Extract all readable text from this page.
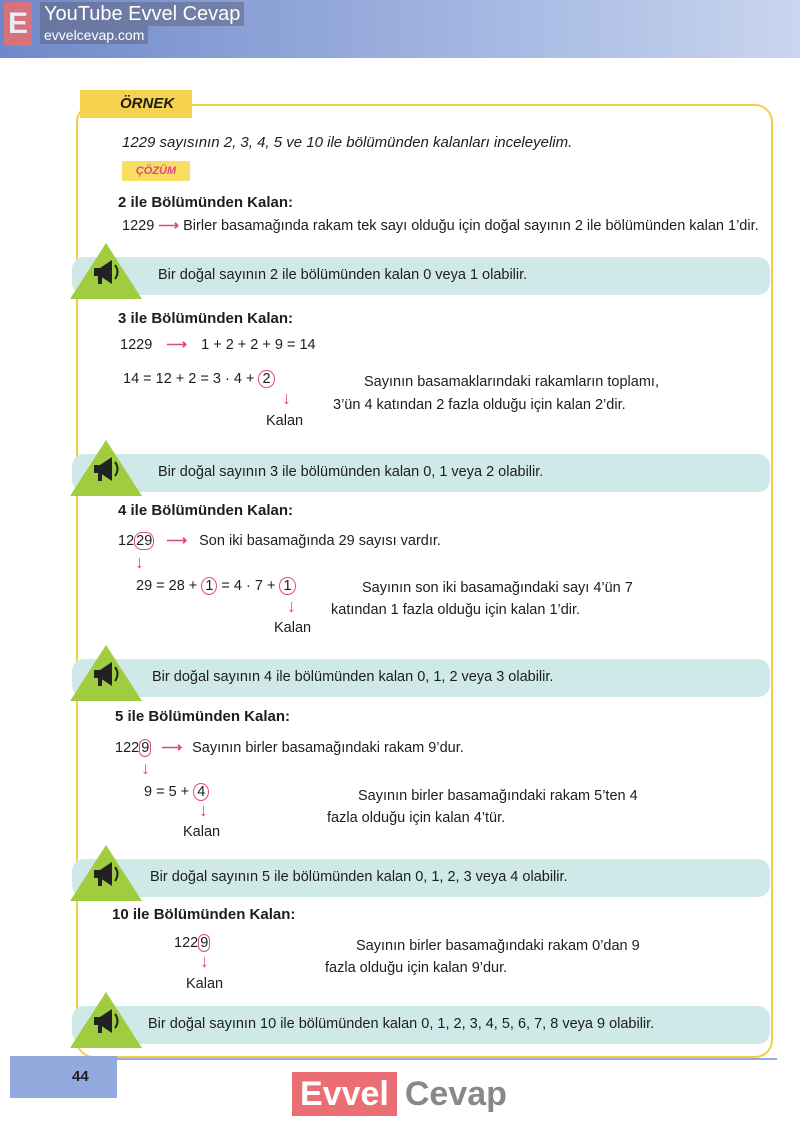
E YouTube Evvel Cevap
evvelcevap.com
ÖRNEK
1229 sayısının 2, 3, 4, 5 ve 10 ile bölümünden kalanları inceleyelim.
ÇÖZÜM
2 ile Bölümünden Kalan:
1229 ⟶ Birler basamağında rakam tek sayı olduğu için doğal sayının 2 ile bölümünden kalan 1’dir.
Bir doğal sayının 2 ile bölümünden kalan 0 veya 1 olabilir.
3 ile Bölümünden Kalan:
1229 ⟶ 1 + 2 + 2 + 9 = 14
14 = 12 + 2 = 3 · 4 + 2
↓
Kalan
Sayının basamaklarındaki rakamların toplamı,
3’ün 4 katından 2 fazla olduğu için kalan 2’dir.
Bir doğal sayının 3 ile bölümünden kalan 0, 1 veya 2 olabilir.
4 ile Bölümünden Kalan:
12 29 ⟶ Son iki basamağında 29 sayısı vardır.
↓
29 = 28 + 1 = 4 · 7 + 1
↓
Kalan
Sayının son iki basamağındaki sayı 4’ün 7
katından 1 fazla olduğu için kalan 1’dir.
Bir doğal sayının 4 ile bölümünden kalan 0, 1, 2 veya 3 olabilir.
5 ile Bölümünden Kalan:
122 9 ⟶ Sayının birler basamağındaki rakam 9’dur.
↓
9 = 5 + 4
↓
Kalan
Sayının birler basamağındaki rakam 5’ten 4
fazla olduğu için kalan 4’tür.
Bir doğal sayının 5 ile bölümünden kalan 0, 1, 2, 3 veya 4 olabilir.
10 ile Bölümünden Kalan:
122 9
↓
Kalan
Sayının birler basamağındaki rakam 0’dan 9
fazla olduğu için kalan 9’dur.
Bir doğal sayının 10 ile bölümünden kalan 0, 1, 2, 3, 4, 5, 6, 7, 8 veya 9 olabilir.
44	Evvel Cevap
